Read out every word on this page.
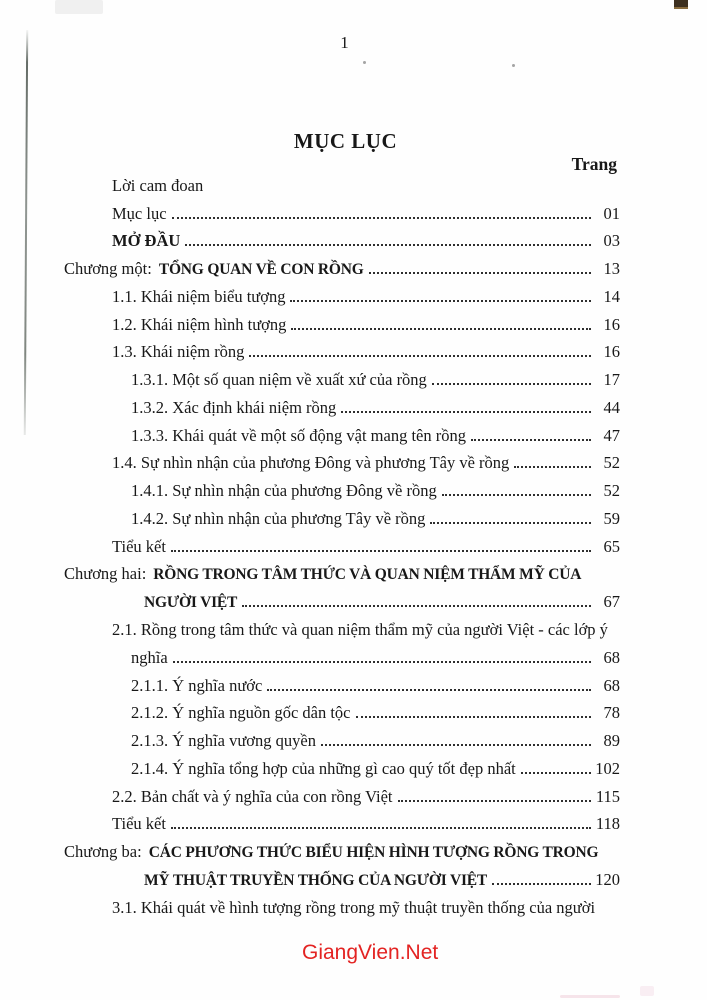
1
MỤC LỤC
Trang
Lời cam đoan
Mục lục	01
MỞ ĐẦU	03
Chương một: TỔNG QUAN VỀ CON RỒNG	13
1.1. Khái niệm biểu tượng	14
1.2. Khái niệm hình tượng	16
1.3. Khái niệm rồng	16
1.3.1. Một số quan niệm về xuất xứ của rồng	17
1.3.2. Xác định khái niệm rồng	44
1.3.3. Khái quát về một số động vật mang tên rồng	47
1.4. Sự nhìn nhận của phương Đông và phương Tây về rồng	52
1.4.1. Sự nhìn nhận của phương Đông về rồng	52
1.4.2. Sự nhìn nhận của phương Tây về rồng	59
Tiểu kết	65
Chương hai: RỒNG TRONG TÂM THỨC VÀ QUAN NIỆM THẨM MỸ CỦA
NGƯỜI VIỆT	67
2.1. Rồng trong tâm thức và quan niệm thẩm mỹ của người Việt - các lớp ý
nghĩa	68
2.1.1. Ý nghĩa nước	68
2.1.2. Ý nghĩa nguồn gốc dân tộc	78
2.1.3. Ý nghĩa vương quyền	89
2.1.4. Ý nghĩa tổng hợp của những gì cao quý tốt đẹp nhất	102
2.2. Bản chất và ý nghĩa của con rồng Việt	115
Tiểu kết	118
Chương ba: CÁC PHƯƠNG THỨC BIỂU HIỆN HÌNH TƯỢNG RỒNG TRONG
MỸ THUẬT TRUYỀN THỐNG CỦA NGƯỜI VIỆT	120
3.1. Khái quát về hình tượng rồng trong mỹ thuật truyền thống của người
GiangVien.Net
